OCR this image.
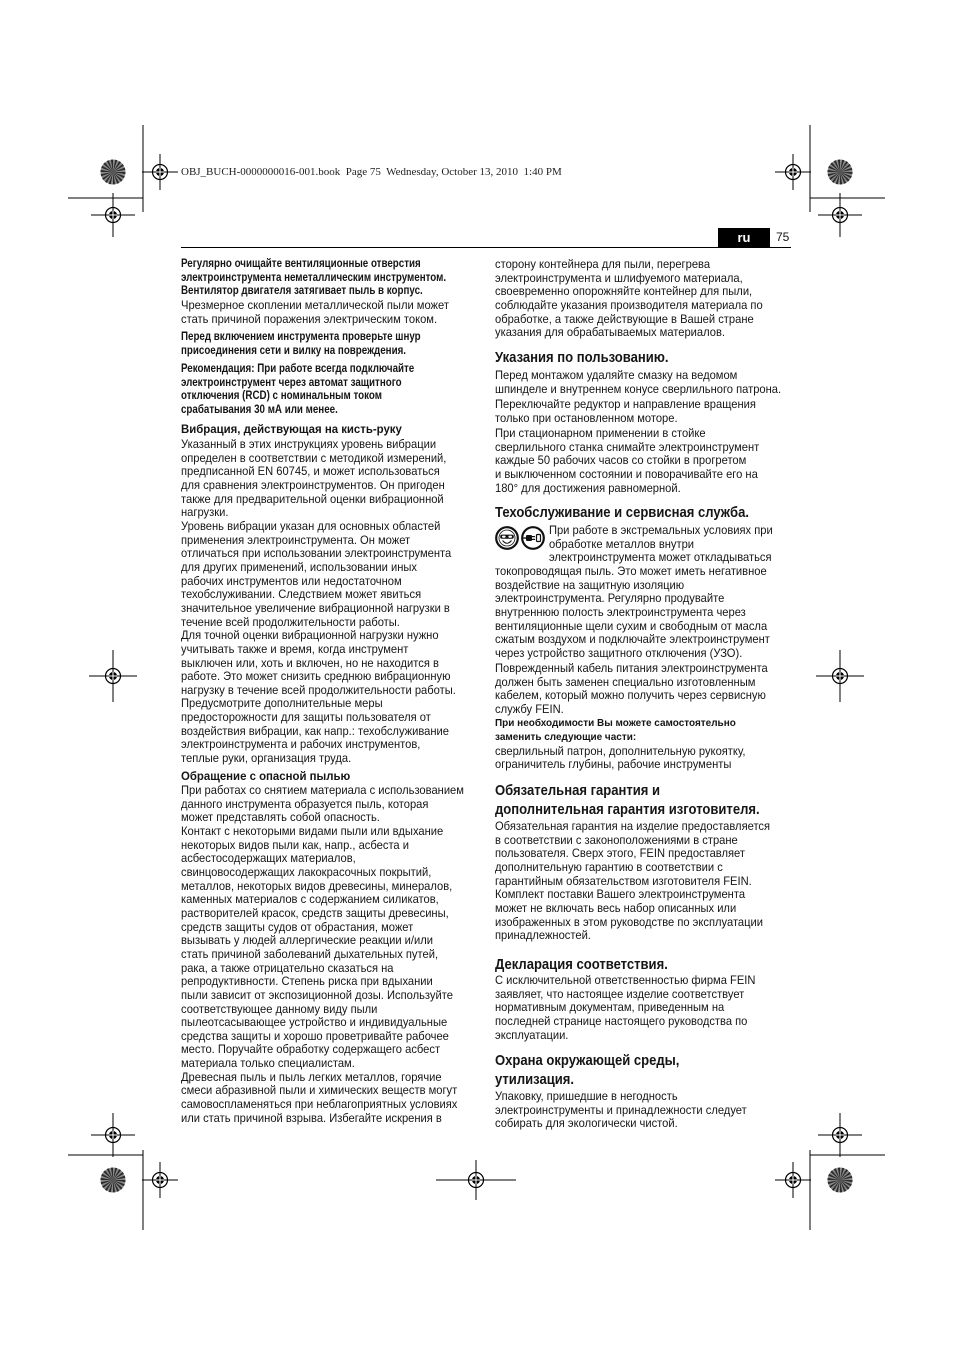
OBJ_BUCH-0000000016-001.book  Page 75  Wednesday, October 13, 2010  1:40 PM
ru	75
Регулярно очищайте вентиляционные отверстия
электроинструмента неметаллическим инструментом.
Вентилятор двигателя затягивает пыль в корпус.
Чрезмерное скоплении металлической пыли может
стать причиной поражения электрическим током.
Перед включением инструмента проверьте шнур
присоединения сети и вилку на повреждения.
Рекомендация: При работе всегда подключайте
электроинструмент через автомат защитного
отключения (RCD) с номинальным током
срабатывания 30 мА или менее.
Вибрация, действующая на кисть-руку
Указанный в этих инструкциях уровень вибрации
определен в соответствии с методикой измерений,
предписанной EN 60745, и может использоваться
для сравнения электроинструментов. Он пригоден
также для предварительной оценки вибрационной
нагрузки.
Уровень вибрации указан для основных областей
применения электроинструмента. Он может
отличаться при использовании электроинструмента
для других применений, использовании иных
рабочих инструментов или недостаточном
техобслуживании. Следствием может явиться
значительное увеличение вибрационной нагрузки в
течение всей продолжительности работы.
Для точной оценки вибрационной нагрузки нужно
учитывать также и время, когда инструмент
выключен или, хоть и включен, но не находится в
работе. Это может снизить среднюю вибрационную
нагрузку в течение всей продолжительности работы.
Предусмотрите дополнительные меры
предосторожности для защиты пользователя от
воздействия вибрации, как напр.: техобслуживание
электроинструмента и рабочих инструментов,
теплые руки, организация труда.
Обращение с опасной пылью
При работах со снятием материала с использованием
данного инструмента образуется пыль, которая
может представлять собой опасность.
Контакт с некоторыми видами пыли или вдыхание
некоторых видов пыли как, напр., асбеста и
асбестосодержащих материалов,
свинцовосодержащих лакокрасочных покрытий,
металлов, некоторых видов древесины, минералов,
каменных материалов с содержанием силикатов,
растворителей красок, средств защиты древесины,
средств защиты судов от обрастания, может
вызывать у людей аллергические реакции и/или
стать причиной заболеваний дыхательных путей,
рака, а также отрицательно сказаться на
репродуктивности. Степень риска при вдыхании
пыли зависит от экспозиционной дозы. Используйте
соответствующее данному виду пыли
пылеотсасывающее устройство и индивидуальные
средства защиты и хорошо проветривайте рабочее
место. Поручайте обработку содержащего асбест
материала только специалистам.
Древесная пыль и пыль легких металлов, горячие
смеси абразивной пыли и химических веществ могут
самовоспламеняться при неблагоприятных условиях
или стать причиной взрыва. Избегайте искрения в
сторону контейнера для пыли, перегрева
электроинструмента и шлифуемого материала,
своевременно опорожняйте контейнер для пыли,
соблюдайте указания производителя материала по
обработке, а также действующие в Вашей стране
указания для обрабатываемых материалов.
Указания по пользованию.
Перед монтажом удаляйте смазку на ведомом
шпинделе и внутреннем конусе сверлильного патрона.
Переключайте редуктор и направление вращения
только при остановленном моторе.
При стационарном применении в стойке
сверлильного станка снимайте электроинструмент
каждые 50 рабочих часов со стойки в прогретом
и выключенном состоянии и поворачивайте его на
180° для достижения равномерной.
Техобслуживание и сервисная служба.
При работе в экстремальных условиях при
обработке металлов внутри
электроинструмента может откладываться
токопроводящая пыль. Это может иметь негативное
воздействие на защитную изоляцию
электроинструмента. Регулярно продувайте
внутреннюю полость электроинструмента через
вентиляционные щели сухим и свободным от масла
сжатым воздухом и подключайте электроинструмент
через устройство защитного отключения (УЗО).
Поврежденный кабель питания электроинструмента
должен быть заменен специально изготовленным
кабелем, который можно получить через сервисную
службу FEIN.
При необходимости Вы можете самостоятельно
заменить следующие части:
сверлильный патрон, дополнительную рукоятку,
ограничитель глубины, рабочие инструменты
Обязательная гарантия и
дополнительная гарантия изготовителя.
Обязательная гарантия на изделие предоставляется
в соответствии с законоположениями в стране
пользователя. Сверх этого, FEIN предоставляет
дополнительную гарантию в соответствии с
гарантийным обязательством изготовителя FEIN.
Комплект поставки Вашего электроинструмента
может не включать весь набор описанных или
изображенных в этом руководстве по эксплуатации
принадлежностей.
Декларация соответствия.
С исключительной ответственностью фирма FEIN
заявляет, что настоящее изделие соответствует
нормативным документам, приведенным на
последней странице настоящего руководства по
эксплуатации.
Охрана окружающей среды,
утилизация.
Упаковку, пришедшие в негодность
электроинструменты и принадлежности следует
собирать для экологически чистой.
